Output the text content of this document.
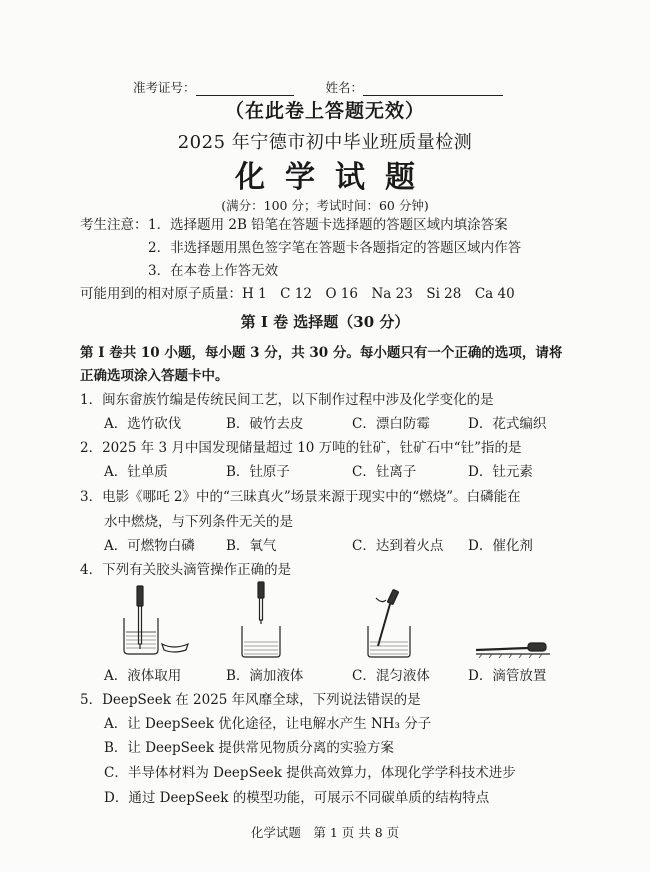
准考证号：	姓名：
（在此卷上答题无效）
2025 年宁德市初中毕业班质量检测
化学试题
(满分：100 分；考试时间：60 分钟)
考生注意： 1．选择题用 2B 铅笔在答题卡选择题的答题区域内填涂答案
2．非选择题用黑色签字笔在答题卡各题指定的答题区域内作答
3．在本卷上作答无效
可能用到的相对原子质量：H 1　C 12　O 16　Na 23　Si 28　Ca 40
第 I 卷 选择题（30 分）
第 I 卷共 10 小题，每小题 3 分，共 30 分。每小题只有一个正确的选项，请将
正确选项涂入答题卡中。
1．闽东畲族竹编是传统民间工艺，以下制作过程中涉及化学变化的是
A．选竹砍伐	B．破竹去皮	C．漂白防霉	D．花式编织
2．2025 年 3 月中国发现储量超过 10 万吨的钍矿，钍矿石中“钍”指的是
A．钍单质	B．钍原子	C．钍离子	D．钍元素
3．电影《哪吒 2》中的“三昧真火”场景来源于现实中的“燃烧”。白磷能在
水中燃烧，与下列条件无关的是
A．可燃物白磷 B．氧气	C．达到着火点 D．催化剂
4．下列有关胶头滴管操作正确的是
A．液体取用	B．滴加液体	C．混匀液体	D．滴管放置
5．DeepSeek 在 2025 年风靡全球，下列说法错误的是
A．让 DeepSeek 优化途径，让电解水产生 NH₃ 分子
B．让 DeepSeek 提供常见物质分离的实验方案
C．半导体材料为 DeepSeek 提供高效算力，体现化学学科技术进步
D．通过 DeepSeek 的模型功能，可展示不同碳单质的结构特点
化学试题　第 1 页 共 8 页
